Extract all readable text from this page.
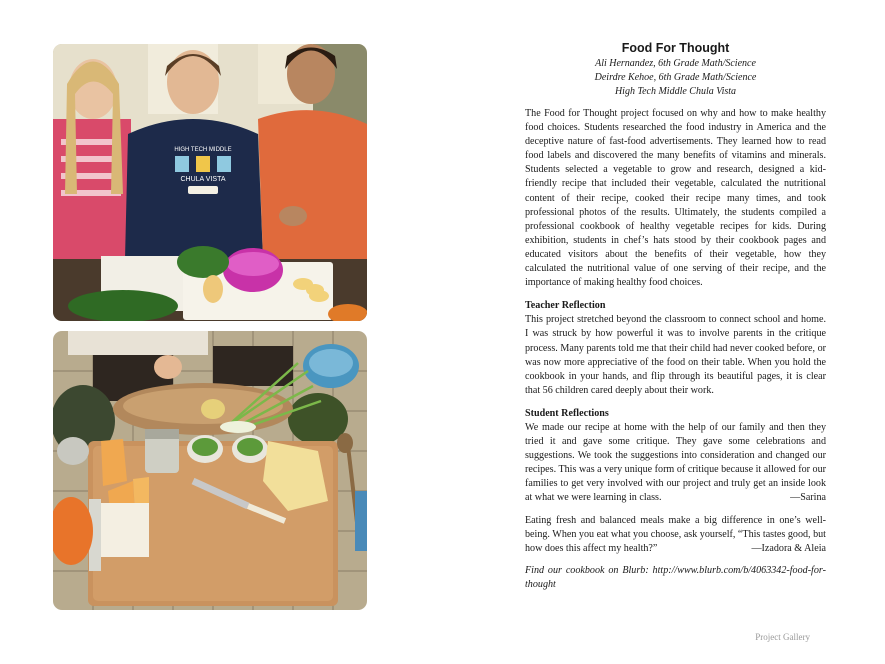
HIGH TECH MIDDLE
CHULA VISTA
Food For Thought
Ali Hernandez, 6th Grade Math/Science
Deirdre Kehoe, 6th Grade Math/Science
High Tech Middle Chula Vista

The Food for Thought project focused on why and how to make healthy food choices. Students researched the food industry in America and the deceptive nature of fast-food advertisements. They learned how to read food labels and discovered the many benefits of vitamins and minerals. Students selected a vegetable to grow and research, designed a kid-friendly recipe that included their vegetable, calculated the nutritional content of their recipe, cooked their recipe many times, and took professional photos of the results. Ultimately, the students compiled a professional cookbook of healthy vegetable recipes for kids. During exhibition, students in chef’s hats stood by their cookbook pages and educated visitors about the benefits of their vegetable, how they calculated the nutritional value of one serving of their recipe, and the importance of making healthy food choices.

Teacher Reflection

This project stretched beyond the classroom to connect school and home. I was struck by how powerful it was to involve parents in the critique process. Many parents told me that their child had never cooked before, or was now more appreciative of the food on their table. When you hold the cookbook in your hands, and flip through its beautiful pages, it is clear that 56 children cared deeply about their work.

Student Reflections

We made our recipe at home with the help of our family and then they tried it and gave some critique. They gave some celebrations and suggestions. We took the suggestions into consideration and changed our recipes. This was a very unique form of critique because it allowed for our families to get very involved with our project and truly get an inside look at what we were learning in class.	—Sarina

Eating fresh and balanced meals make a big difference in one’s well-being. When you eat what you choose, ask yourself, “This tastes good, but how does this affect my health?”	—Izadora & Aleia

Find our cookbook on Blurb: http://www.blurb.com/b/4063342-food-for-thought

Project Gallery
